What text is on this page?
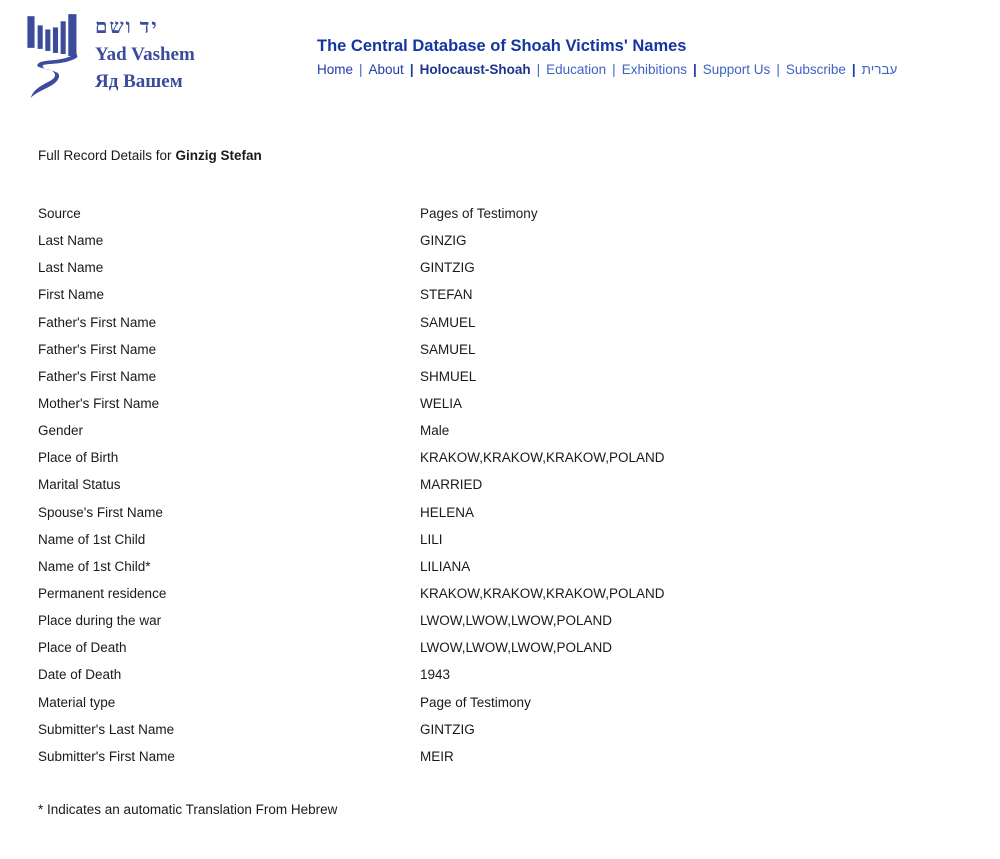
יד ושם
Yad Vashem
Яд Вашем
The Central Database of Shoah Victims' Names
Home | About | Holocaust-Shoah | Education | Exhibitions | Support Us | Subscribe | עברית
Full Record Details for Ginzig Stefan
Source	Pages of Testimony
Last Name	GINZIG
Last Name	GINTZIG
First Name	STEFAN
Father's First Name	SAMUEL
Father's First Name	SAMUEL
Father's First Name	SHMUEL
Mother's First Name	WELIA
Gender	Male
Place of Birth	KRAKOW,KRAKOW,KRAKOW,POLAND
Marital Status	MARRIED
Spouse's First Name	HELENA
Name of 1st Child	LILI
Name of 1st Child*	LILIANA
Permanent residence	KRAKOW,KRAKOW,KRAKOW,POLAND
Place during the war	LWOW,LWOW,LWOW,POLAND
Place of Death	LWOW,LWOW,LWOW,POLAND
Date of Death	1943
Material type	Page of Testimony
Submitter's Last Name	GINTZIG
Submitter's First Name	MEIR
* Indicates an automatic Translation From Hebrew
